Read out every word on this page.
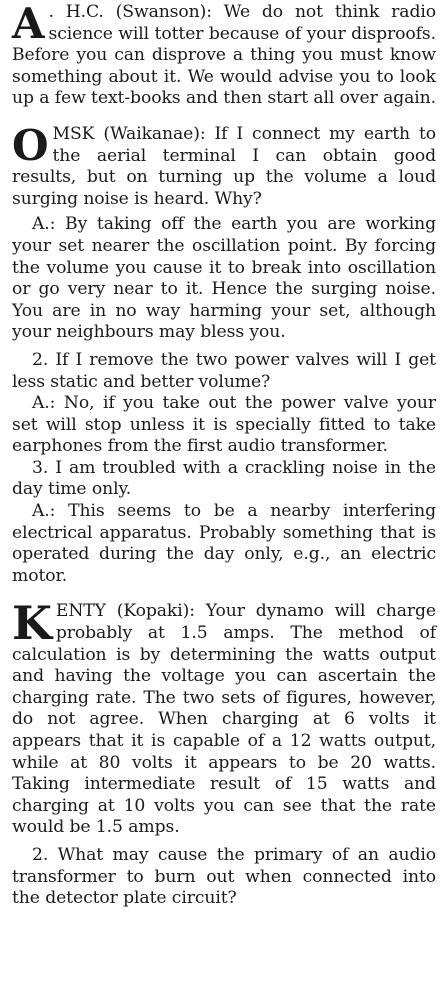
A . H.C. (Swanson): We do not think radio science will totter because of your disproofs. Before you can disprove a thing you must know something about it. We would advise you to look up a few text-books and then start all over again.

OMSK (Waikanae): If I connect my earth to the aerial terminal I can obtain good results, but on turning up the volume a loud surging noise is heard. Why?

A.: By taking off the earth you are working your set nearer the oscillation point. By forcing the volume you cause it to break into oscillation or go very near to it. Hence the surging noise. You are in no way harming your set, although your neighbours may bless you.

2. If I remove the two power valves will I get less static and better volume?

A.: No, if you take out the power valve your set will stop unless it is specially fitted to take earphones from the first audio transformer.

3. I am troubled with a crackling noise in the day time only.

A.: This seems to be a nearby interfering electrical apparatus. Probably something that is operated during the day only, e.g., an electric motor.

KENTY (Kopaki): Your dynamo will charge probably at 1.5 amps. The method of calculation is by determining the watts output and having the voltage you can ascertain the charging rate. The two sets of figures, however, do not agree. When charging at 6 volts it appears that it is capable of a 12 watts output, while at 80 volts it appears to be 20 watts. Taking intermediate result of 15 watts and charging at 10 volts you can see that the rate would be 1.5 amps.

2. What may cause the primary of an audio transformer to burn out when connected into the detector plate circuit?
